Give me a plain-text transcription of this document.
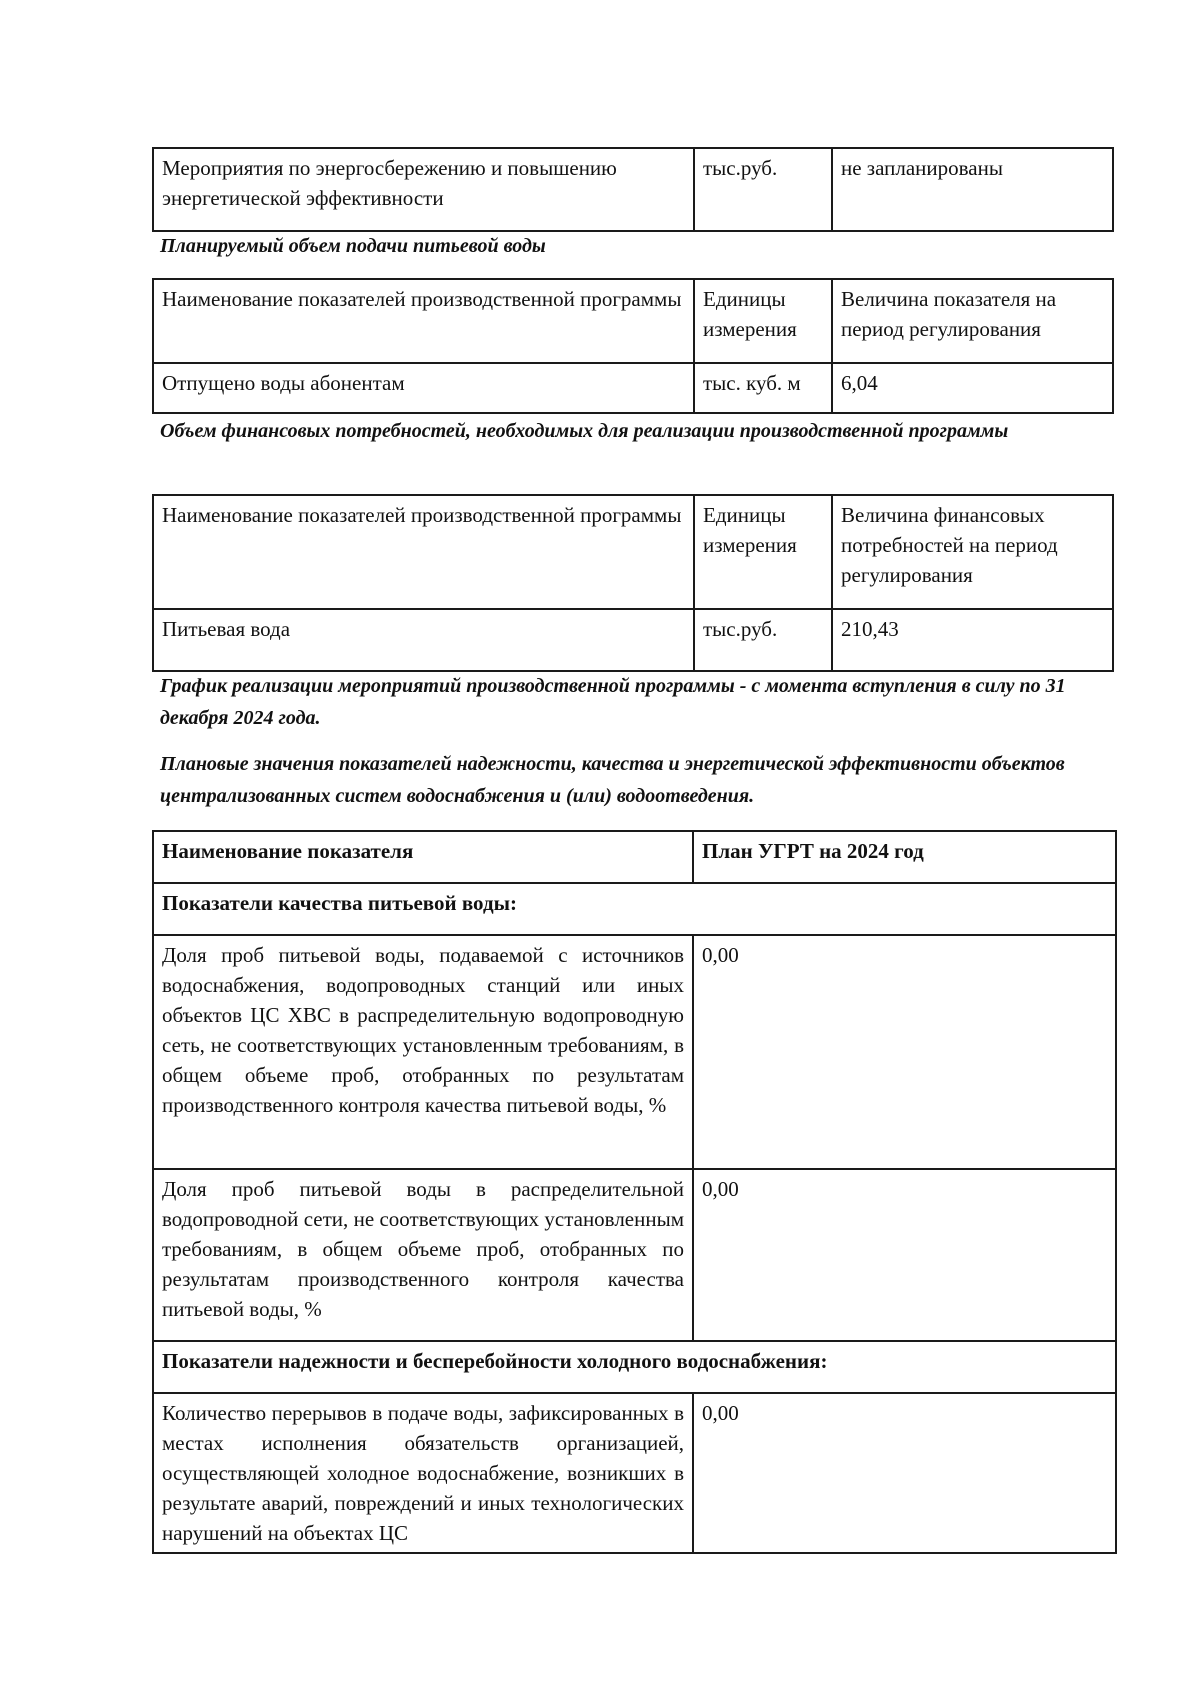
Мероприятия по энергосбережению и повышению энергетической эффективности	тыс.руб.	не запланированы

Планируемый объем подачи питьевой воды

Наименование показателей производственной программы	Единицы измерения	Величина показателя на период регулирования
Отпущено воды абонентам	тыс. куб. м	6,04

Объем финансовых потребностей, необходимых для реализации производственной программы

Наименование показателей производственной программы	Единицы измерения	Величина финансовых потребностей на период регулирования
Питьевая вода	тыс.руб.	210,43

График реализации мероприятий производственной программы - с момента вступления в силу по 31 декабря 2024 года.

Плановые значения показателей надежности, качества и энергетической эффективности объектов централизованных систем водоснабжения и (или) водоотведения.

Наименование показателя	План УГРТ на 2024 год
Показатели качества питьевой воды:	
Доля проб питьевой воды, подаваемой с источников водоснабжения, водопроводных станций или иных объектов ЦС ХВС в распределительную водопроводную сеть, не соответствующих установленным требованиям, в общем объеме проб, отобранных по результатам производственного контроля качества питьевой воды, %	0,00
Доля проб питьевой воды в распределительной водопроводной сети, не соответствующих установленным требованиям, в общем объеме проб, отобранных по результатам производственного контроля качества питьевой воды, %	0,00
Показатели надежности и бесперебойности холодного водоснабжения:	
Количество перерывов в подаче воды, зафиксированных в местах исполнения обязательств организацией, осуществляющей холодное водоснабжение, возникших в результате аварий, повреждений и иных технологических нарушений на объектах ЦС	0,00
